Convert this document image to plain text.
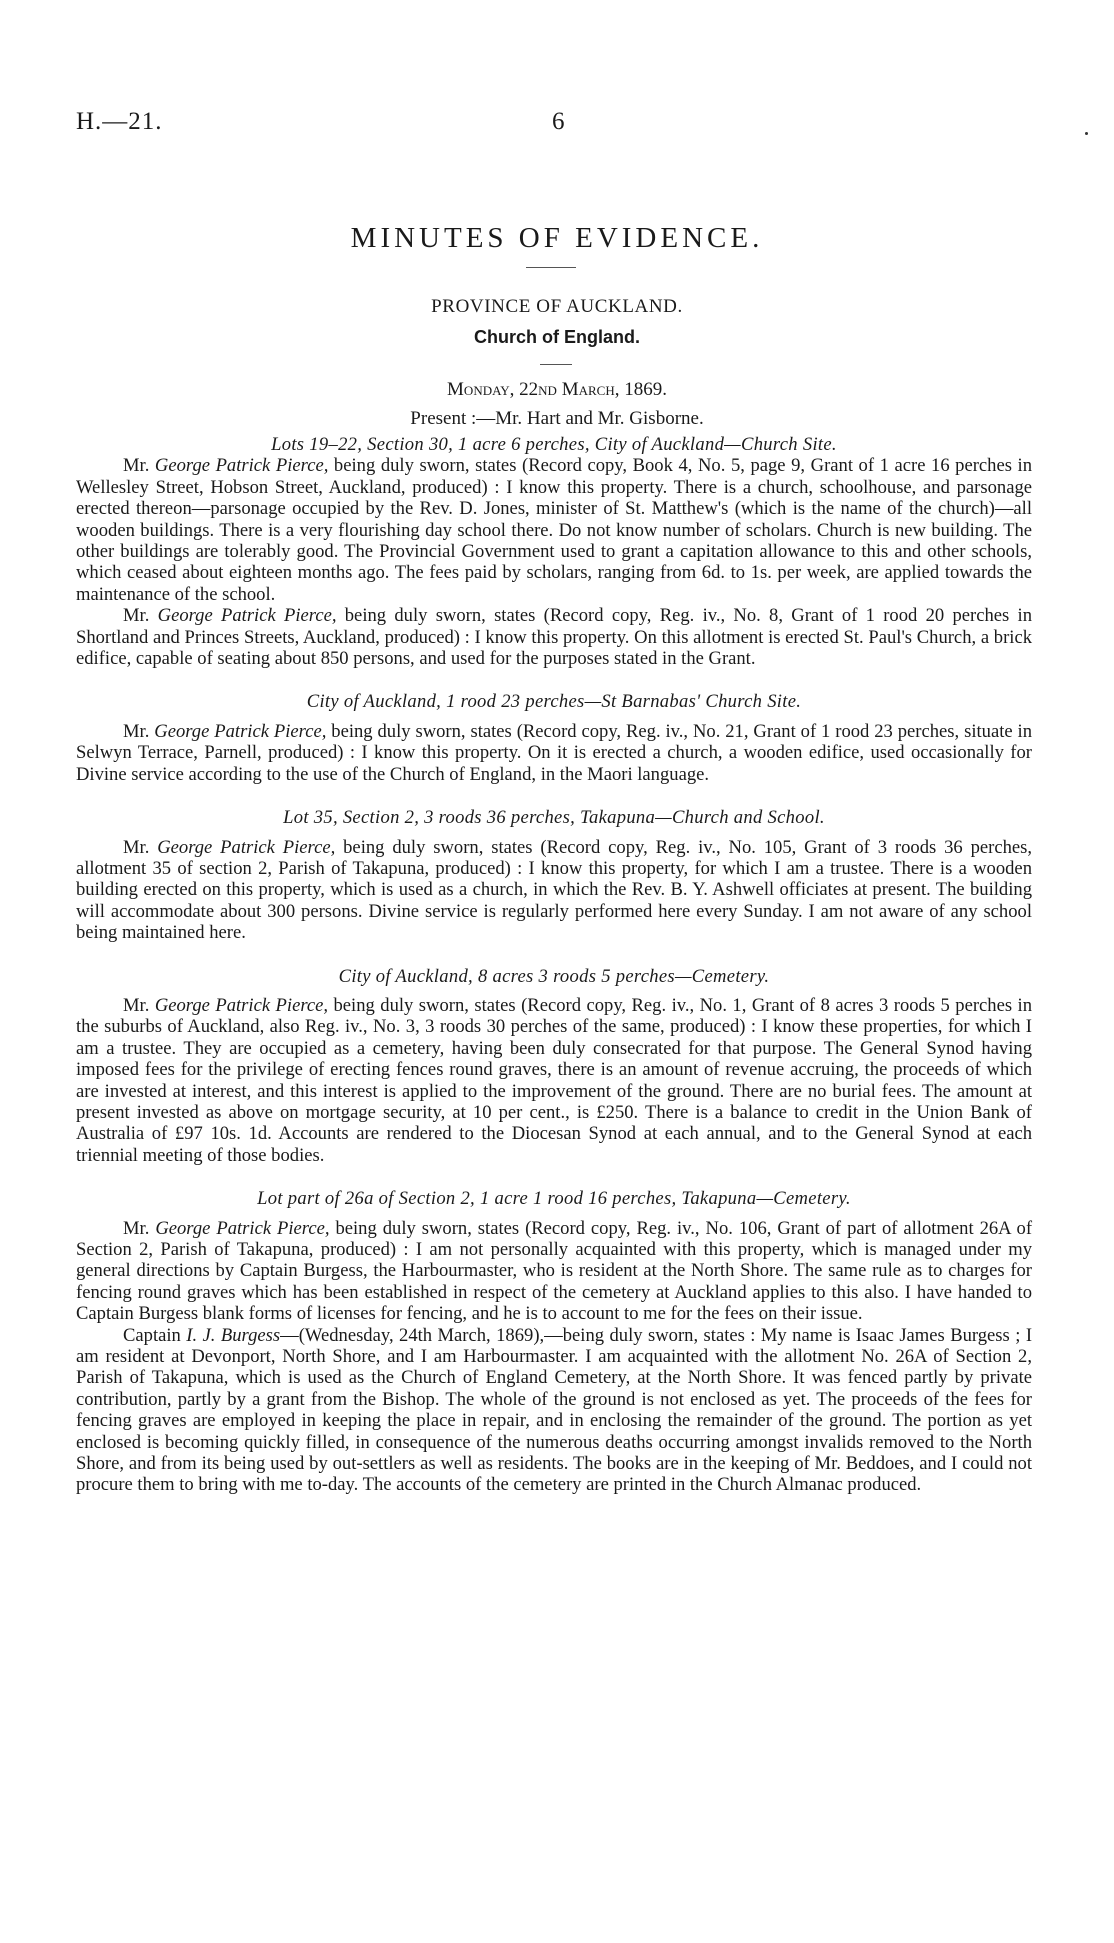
H.—21.	6
MINUTES OF EVIDENCE.
PROVINCE OF AUCKLAND.
Church of England.
Monday, 22nd March, 1869.
Present :—Mr. Hart and Mr. Gisborne.

Lots 19–22, Section 30, 1 acre 6 perches, City of Auckland—Church Site.

Mr. George Patrick Pierce, being duly sworn, states (Record copy, Book 4, No. 5, page 9, Grant of 1 acre 16 perches in Wellesley Street, Hobson Street, Auckland, produced) : I know this property. There is a church, schoolhouse, and parsonage erected thereon—parsonage occupied by the Rev. D. Jones, minister of St. Matthew's (which is the name of the church)—all wooden buildings. There is a very flourishing day school there. Do not know number of scholars. Church is new building. The other buildings are tolerably good. The Provincial Government used to grant a capitation allowance to this and other schools, which ceased about eighteen months ago. The fees paid by scholars, ranging from 6d. to 1s. per week, are applied towards the maintenance of the school.

Mr. George Patrick Pierce, being duly sworn, states (Record copy, Reg. iv., No. 8, Grant of 1 rood 20 perches in Shortland and Princes Streets, Auckland, produced) : I know this property. On this allotment is erected St. Paul's Church, a brick edifice, capable of seating about 850 persons, and used for the purposes stated in the Grant.

City of Auckland, 1 rood 23 perches—St Barnabas' Church Site.

Mr. George Patrick Pierce, being duly sworn, states (Record copy, Reg. iv., No. 21, Grant of 1 rood 23 perches, situate in Selwyn Terrace, Parnell, produced) : I know this property. On it is erected a church, a wooden edifice, used occasionally for Divine service according to the use of the Church of England, in the Maori language.

Lot 35, Section 2, 3 roods 36 perches, Takapuna—Church and School.

Mr. George Patrick Pierce, being duly sworn, states (Record copy, Reg. iv., No. 105, Grant of 3 roods 36 perches, allotment 35 of section 2, Parish of Takapuna, produced) : I know this property, for which I am a trustee. There is a wooden building erected on this property, which is used as a church, in which the Rev. B. Y. Ashwell officiates at present. The building will accommodate about 300 persons. Divine service is regularly performed here every Sunday. I am not aware of any school being maintained here.

City of Auckland, 8 acres 3 roods 5 perches—Cemetery.

Mr. George Patrick Pierce, being duly sworn, states (Record copy, Reg. iv., No. 1, Grant of 8 acres 3 roods 5 perches in the suburbs of Auckland, also Reg. iv., No. 3, 3 roods 30 perches of the same, produced) : I know these properties, for which I am a trustee. They are occupied as a cemetery, having been duly consecrated for that purpose. The General Synod having imposed fees for the privilege of erecting fences round graves, there is an amount of revenue accruing, the proceeds of which are invested at interest, and this interest is applied to the improvement of the ground. There are no burial fees. The amount at present invested as above on mortgage security, at 10 per cent., is £250. There is a balance to credit in the Union Bank of Australia of £97 10s. 1d. Accounts are rendered to the Diocesan Synod at each annual, and to the General Synod at each triennial meeting of those bodies.

Lot part of 26a of Section 2, 1 acre 1 rood 16 perches, Takapuna—Cemetery.

Mr. George Patrick Pierce, being duly sworn, states (Record copy, Reg. iv., No. 106, Grant of part of allotment 26A of Section 2, Parish of Takapuna, produced) : I am not personally acquainted with this property, which is managed under my general directions by Captain Burgess, the Harbourmaster, who is resident at the North Shore. The same rule as to charges for fencing round graves which has been established in respect of the cemetery at Auckland applies to this also. I have handed to Captain Burgess blank forms of licenses for fencing, and he is to account to me for the fees on their issue.

Captain I. J. Burgess—(Wednesday, 24th March, 1869),—being duly sworn, states : My name is Isaac James Burgess ; I am resident at Devonport, North Shore, and I am Harbourmaster. I am acquainted with the allotment No. 26A of Section 2, Parish of Takapuna, which is used as the Church of England Cemetery, at the North Shore. It was fenced partly by private contribution, partly by a grant from the Bishop. The whole of the ground is not enclosed as yet. The proceeds of the fees for fencing graves are employed in keeping the place in repair, and in enclosing the remainder of the ground. The portion as yet enclosed is becoming quickly filled, in consequence of the numerous deaths occurring amongst invalids removed to the North Shore, and from its being used by out-settlers as well as residents. The books are in the keeping of Mr. Beddoes, and I could not procure them to bring with me to-day. The accounts of the cemetery are printed in the Church Almanac produced.
